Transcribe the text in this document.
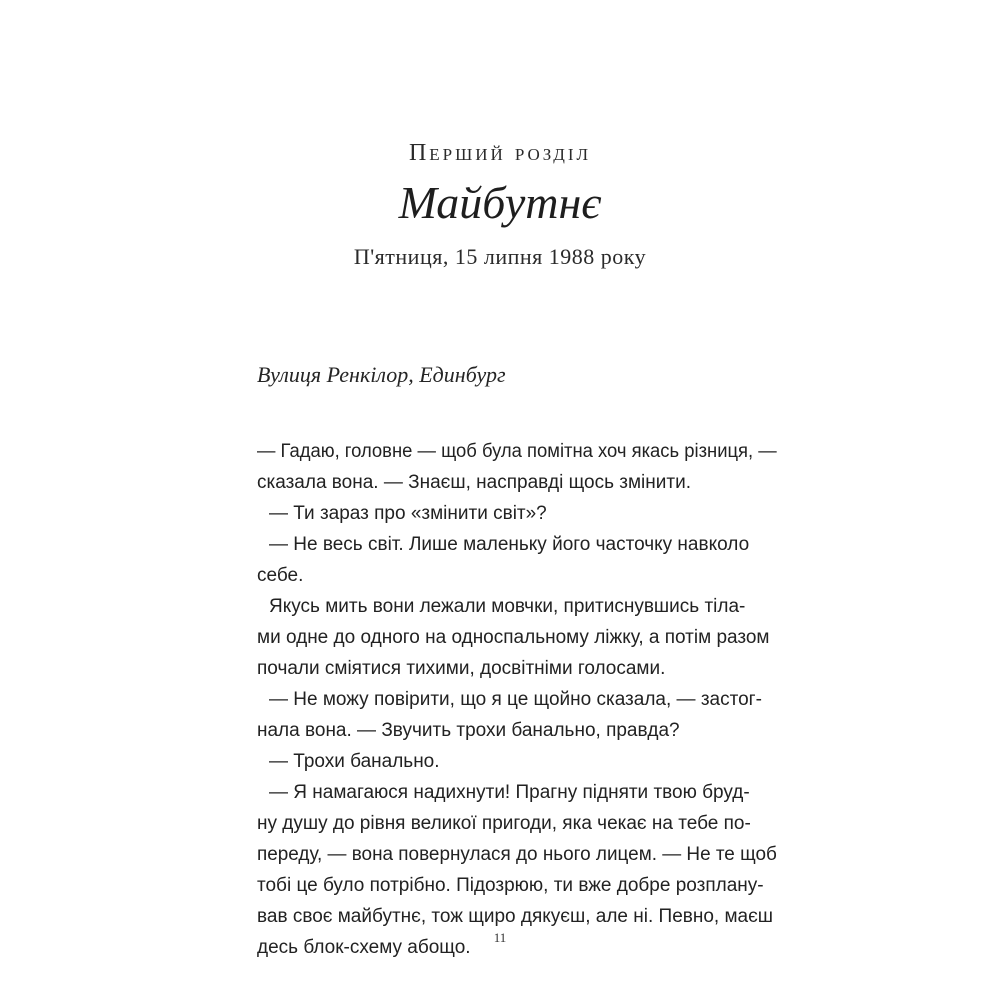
Перший розділ
Майбутнє
П'ятниця, 15 липня 1988 року
Вулиця Ренкілор, Единбург
— Гадаю, головне — щоб була помітна хоч якась різниця, —
сказала вона. — Знаєш, насправді щось змінити.
— Ти зараз про «змінити світ»?
— Не весь світ. Лише маленьку його часточку навколо
себе.
Якусь мить вони лежали мовчки, притиснувшись тіла-
ми одне до одного на односпальному ліжку, а потім разом
почали сміятися тихими, досвітніми голосами.
— Не можу повірити, що я це щойно сказала, — застог-
нала вона. — Звучить трохи банально, правда?
— Трохи банально.
— Я намагаюся надихнути! Прагну підняти твою бруд-
ну душу до рівня великої пригоди, яка чекає на тебе по-
переду, — вона повернулася до нього лицем. — Не те щоб
тобі це було потрібно. Підозрюю, ти вже добре розплану-
вав своє майбутнє, тож щиро дякуєш, але ні. Певно, маєш
десь блок-схему абощо.	11
